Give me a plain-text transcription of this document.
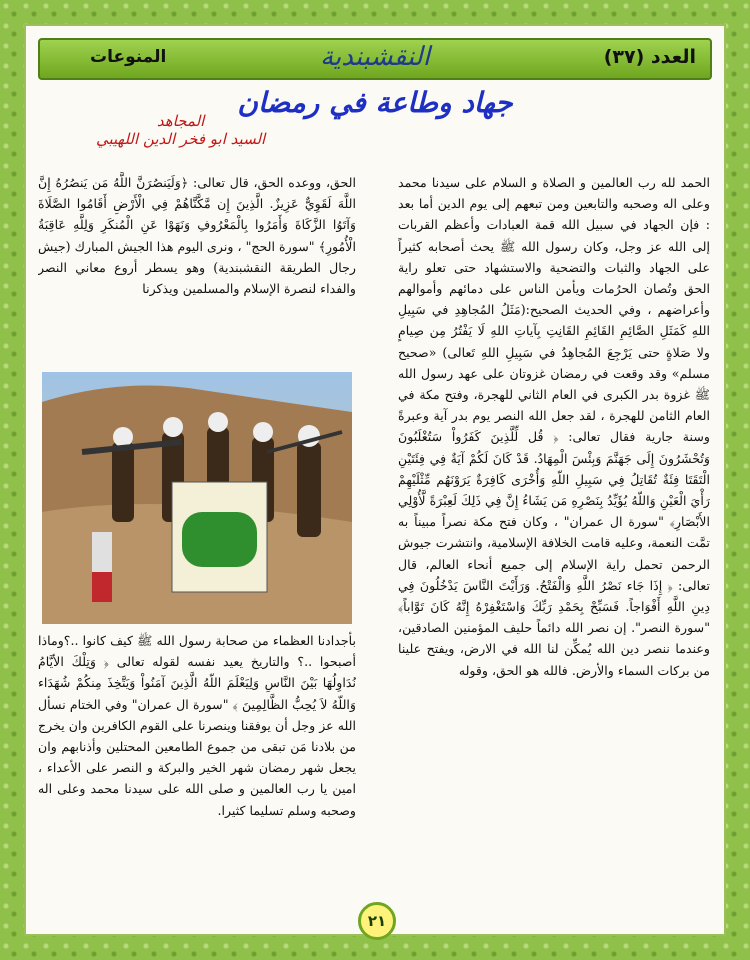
العدد (٣٧)
النقشبندية
المنوعات
جهاد وطاعة في رمضان
المجاهد
السيد ابو فخر الدين اللهيبي

الحمد لله رب العالمين و الصلاة و السلام على سيدنا محمد وعلى اله وصحبه والتابعين ومن تبعهم إلى يوم الدين أما بعد : فإن الجهاد في سبيل الله قمة العبادات وأعظم القربات إلى الله عز وجل، وكان رسول الله ﷺ يحث أصحابه كثيراً على الجهاد والثبات والتضحية والاستشهاد حتى تعلو راية الحق وتُصان الحرُمات ويأمن الناس على دمائهم وأموالهم وأعراضهم ، وفي الحديث الصحيح:(مَثَلُ المُجاهِدِ في سَبِيلِ اللهِ كَمَثَلِ الصَّائِمِ القَائِمِ القَانِتِ بِآياتِ اللهِ لَا يَفْتُرُ مِن صِيامٍ ولا صَلاةٍ حتى يَرْجِعَ المُجاهِدُ في سَبِيلِ اللهِ تَعالى) «صحيح مسلم» وقد وقعت في رمضان غزوتان على عهد رسول الله ﷺ غزوة بدر الكبرى في العام الثاني للهجرة، وفتح مكة في العام الثامن للهجرة ، لقد جعل الله النصر يوم بدر آية وعبرةً وسنة جارية فقال تعالى: ﴿ قُل لِّلَّذِينَ كَفَرُواْ سَتُغْلَبُونَ وَتُحْشَرُونَ إِلَى جَهَنَّمَ وَبِئْسَ الْمِهَادُ. قَدْ كَانَ لَكُمْ آيَةٌ فِي فِئَتَيْنِ الْتَقَتَا فِئَةٌ تُقَاتِلُ فِي سَبِيلِ اللّهِ وَأُخْرَى كَافِرَةٌ يَرَوْنَهُم مِّثْلَيْهِمْ رَأْيَ الْعَيْنِ وَاللّهُ يُؤَيِّدُ بِنَصْرِهِ مَن يَشَاءُ إِنَّ فِي ذَلِكَ لَعِبْرَةً لَّأُوْلِي الأَبْصَارِ﴾ "سورة ال عمران" ، وكان فتح مكة نصراً مبيناً به تمَّت النعمة، وعليه قامت الخلافة الإسلامية، وانتشرت جيوش الرحمن تحمل راية الإسلام إلى جميع أنحاء العالم، قال تعالى: ﴿ إِذَا جَاء نَصْرُ اللَّهِ وَالْفَتْحُ. وَرَأَيْتَ النَّاسَ يَدْخُلُونَ فِي دِينِ اللَّهِ أَفْوَاجاً. فَسَبِّحْ بِحَمْدِ رَبِّكَ وَاسْتَغْفِرْهُ إِنَّهُ كَانَ تَوَّاباً﴾ "سورة النصر". إن نصر الله دائماً حليف المؤمنين الصادقين، وعندما ننصر دين الله يُمكِّن لنا الله في الارض، ويفتح علينا من بركات السماء والأرض. فالله هو الحق، وقوله

الحق، ووعده الحق، قال تعالى: ﴿وَلَيَنصُرَنَّ اللَّهُ مَن يَنصُرُهُ إِنَّ اللَّهَ لَقَوِيٌّ عَزِيزٌ. الَّذِينَ إِن مَّكَّنَّاهُمْ فِي الْأَرْضِ أَقَامُوا الصَّلَاةَ وَآتَوُا الزَّكَاةَ وَأَمَرُوا بِالْمَعْرُوفِ وَنَهَوْا عَنِ الْمُنكَرِ وَلِلَّهِ عَاقِبَةُ الْأُمُورِ﴾ "سورة الحج" ، ونرى اليوم هذا الجيش المبارك (جيش رجال الطريقة النقشبندية) وهو يسطر أروع معاني النصر والفداء لنصرة الإسلام والمسلمين ويذكرنا

بأجدادنا العظماء من صحابة رسول الله ﷺ كيف كانوا ..؟وماذا أصبحوا ..؟ والتاريخ يعيد نفسه لقوله تعالى ﴿ وَتِلْكَ الأيَّامُ نُدَاوِلُهَا بَيْنَ النَّاسِ وَلِيَعْلَمَ اللّهُ الَّذِينَ آمَنُواْ وَيَتَّخِذَ مِنكُمْ شُهَدَاء وَاللّهُ لاَ يُحِبُّ الظَّالِمِينَ ﴾ "سورة ال عمران" وفي الختام نسأل الله عز وجل أن يوفقنا وينصرنا على القوم الكافرين وان يخرج من بلادنا مَن تبقى من جموع الطامعين المحتلين وأذنابهم وان يجعل شهر رمضان شهر الخير والبركة و النصر على الأعداء ، امين يا رب العالمين و صلى الله على سيدنا محمد وعلى اله وصحبه وسلم تسليما كثيرا.

٢١
